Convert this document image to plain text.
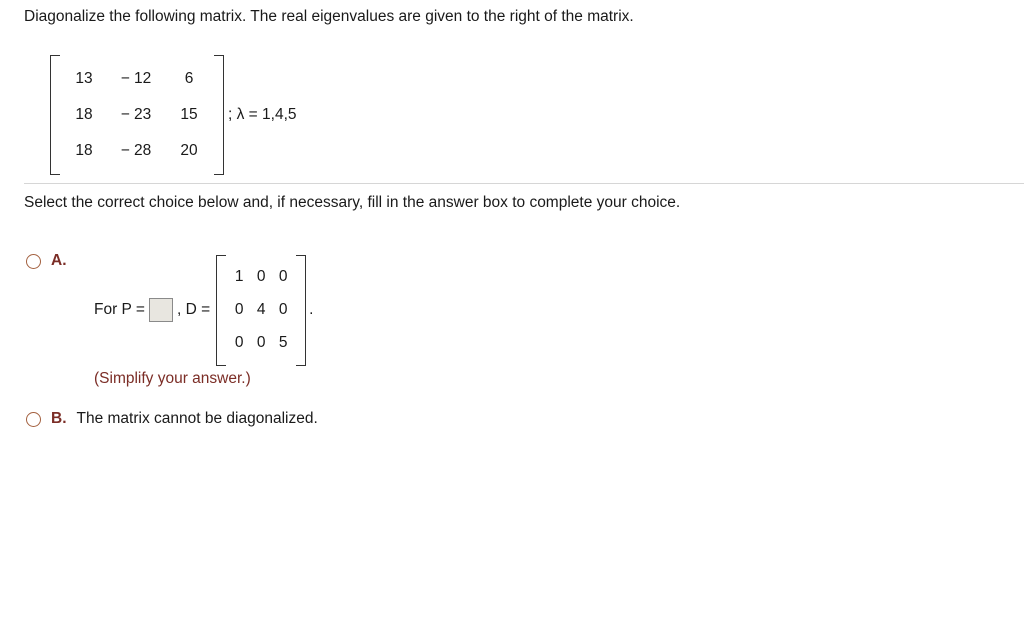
Diagonalize the following matrix. The real eigenvalues are given to the right of the matrix.
13	− 12	6
18	− 23	15
18	− 28	20
; λ = 1,4,5
Select the correct choice below and, if necessary, fill in the answer box to complete your choice.
A.
For P = , D =
1 0 0
0 4 0
0 0 5
.
(Simplify your answer.)
B. The matrix cannot be diagonalized.
